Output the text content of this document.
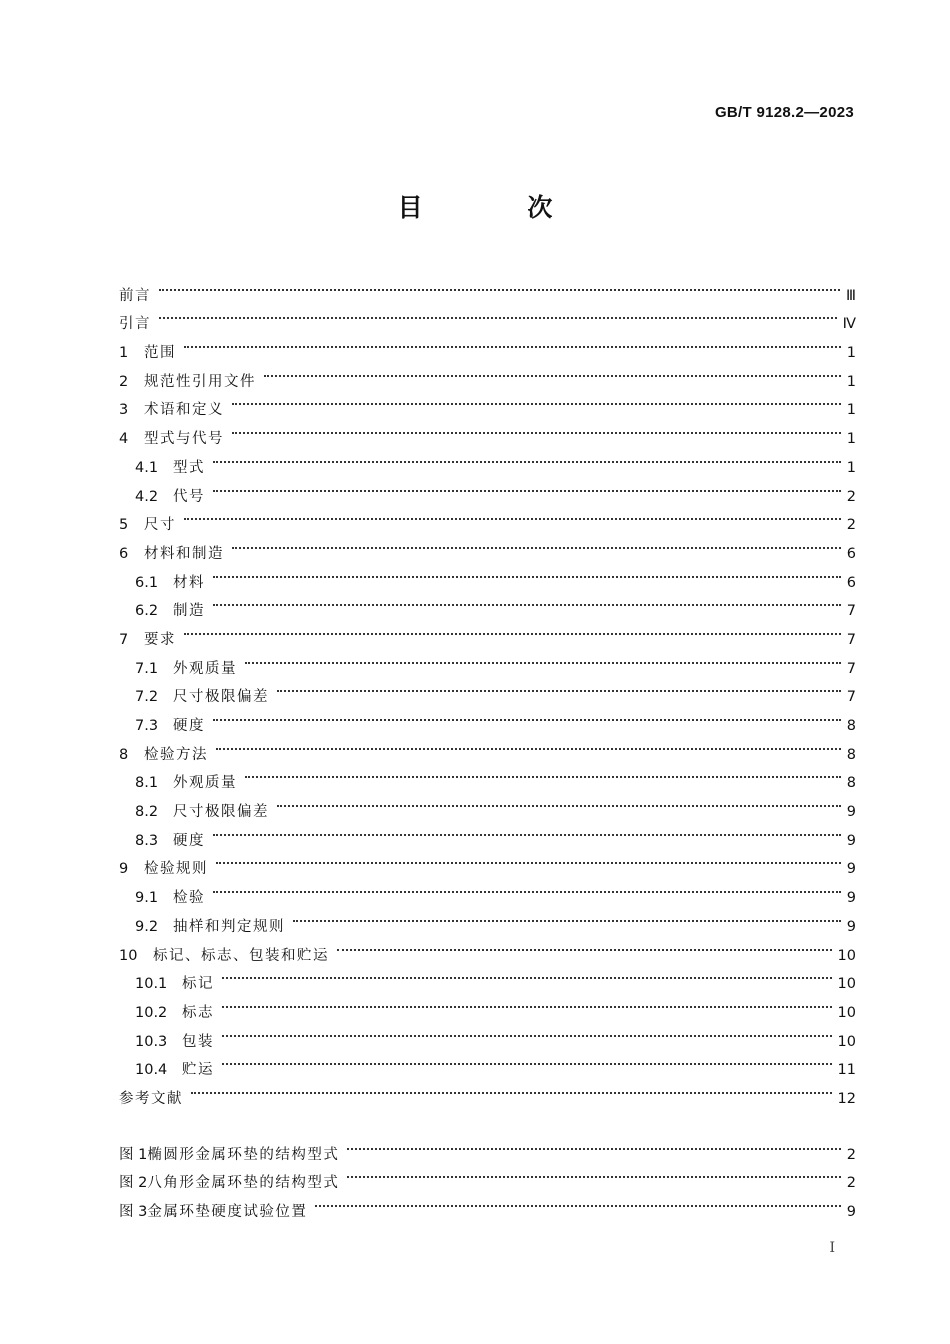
GB/T 9128.2—2023
目 次
前言	Ⅲ
引言	Ⅳ
1	范围	1
2	规范性引用文件	1
3	术语和定义	1
4	型式与代号	1
4.1	型式	1
4.2	代号	2
5	尺寸	2
6	材料和制造	6
6.1	材料	6
6.2	制造	7
7	要求	7
7.1	外观质量	7
7.2	尺寸极限偏差	7
7.3	硬度	8
8	检验方法	8
8.1	外观质量	8
8.2	尺寸极限偏差	9
8.3	硬度	9
9	检验规则	9
9.1	检验	9
9.2	抽样和判定规则	9
10	标记、标志、包装和贮运	10
10.1	标记	10
10.2	标志	10
10.3	包装	10
10.4	贮运	11
参考文献	12
图 1 椭圆形金属环垫的结构型式	2
图 2 八角形金属环垫的结构型式	2
图 3 金属环垫硬度试验位置	9
I
